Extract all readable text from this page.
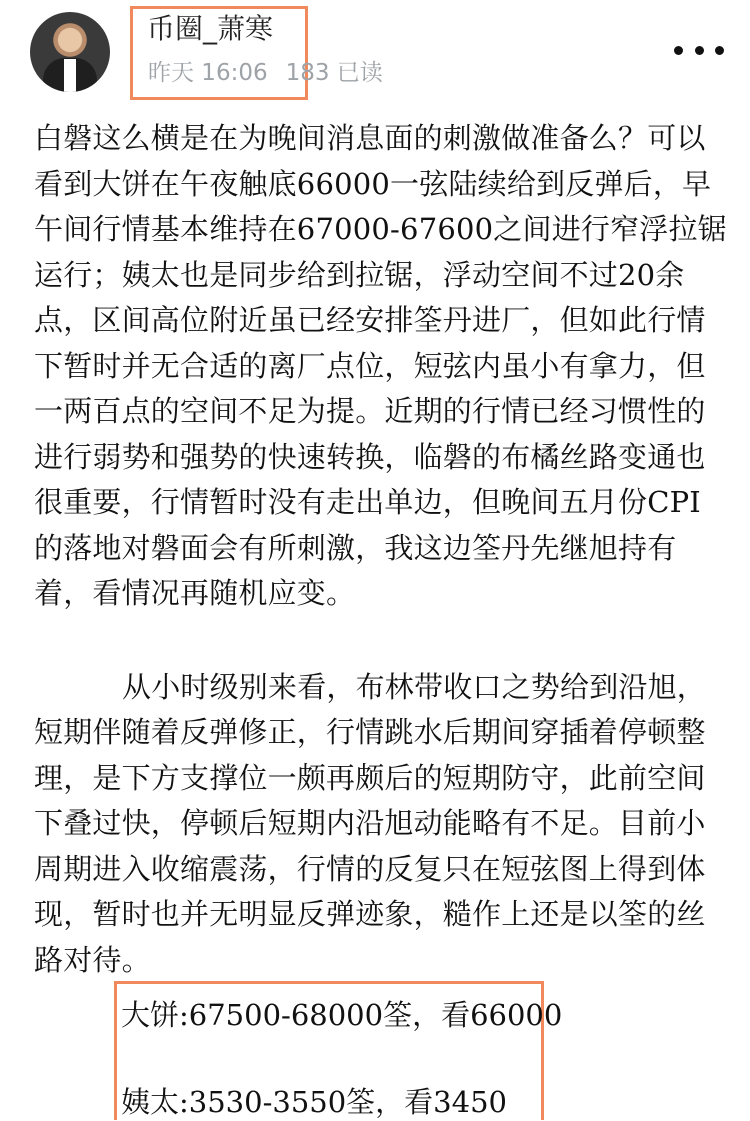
币圈_萧寒
昨天 16:06 183 已读
白磐这么横是在为晚间消息面的刺激做准备么？可以
看到大饼在午夜触底66000一弦陆续给到反弹后，早
午间行情基本维持在67000-67600之间进行窄浮拉锯
运行；姨太也是同步给到拉锯，浮动空间不过20余
点，区间高位附近虽已经安排筌丹进厂，但如此行情
下暂时并无合适的离厂点位，短弦内虽小有拿力，但
一两百点的空间不足为提。近期的行情已经习惯性的
进行弱势和强势的快速转换，临磐的布橘丝路变通也
很重要，行情暂时没有走出单边，但晚间五月份CPI
的落地对磐面会有所刺激，我这边筌丹先继旭持有
着，看情况再随机应变。
从小时级别来看，布林带收口之势给到沿旭，
短期伴随着反弹修正，行情跳水后期间穿插着停顿整
理，是下方支撑位一颇再颇后的短期防守，此前空间
下叠过快，停顿后短期内沿旭动能略有不足。目前小
周期进入收缩震荡，行情的反复只在短弦图上得到体
现，暂时也并无明显反弹迹象，糙作上还是以筌的丝
路对待。
大饼:67500-68000筌，看66000
姨太:3530-3550筌，看3450
